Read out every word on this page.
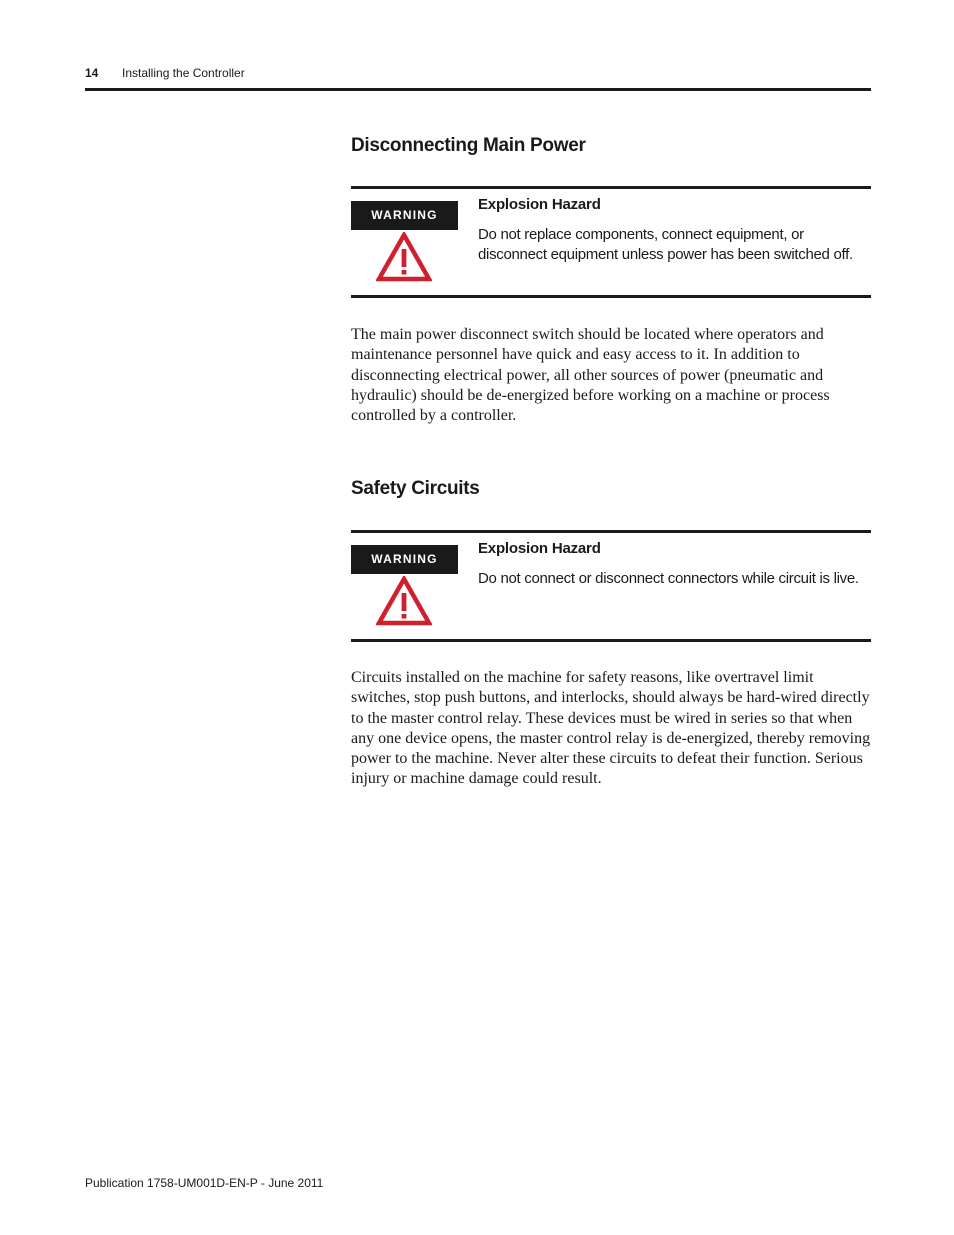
14 Installing the Controller
Disconnecting Main Power
WARNING
Explosion Hazard

Do not replace components, connect equipment, or disconnect equipment unless power has been switched off.

The main power disconnect switch should be located where operators and maintenance personnel have quick and easy access to it. In addition to disconnecting electrical power, all other sources of power (pneumatic and hydraulic) should be de-energized before working on a machine or process controlled by a controller.

Safety Circuits
WARNING
Explosion Hazard

Do not connect or disconnect connectors while circuit is live.

Circuits installed on the machine for safety reasons, like overtravel limit switches, stop push buttons, and interlocks, should always be hard-wired directly to the master control relay. These devices must be wired in series so that when any one device opens, the master control relay is de-energized, thereby removing power to the machine. Never alter these circuits to defeat their function. Serious injury or machine damage could result.

Publication 1758-UM001D-EN-P - June 2011
